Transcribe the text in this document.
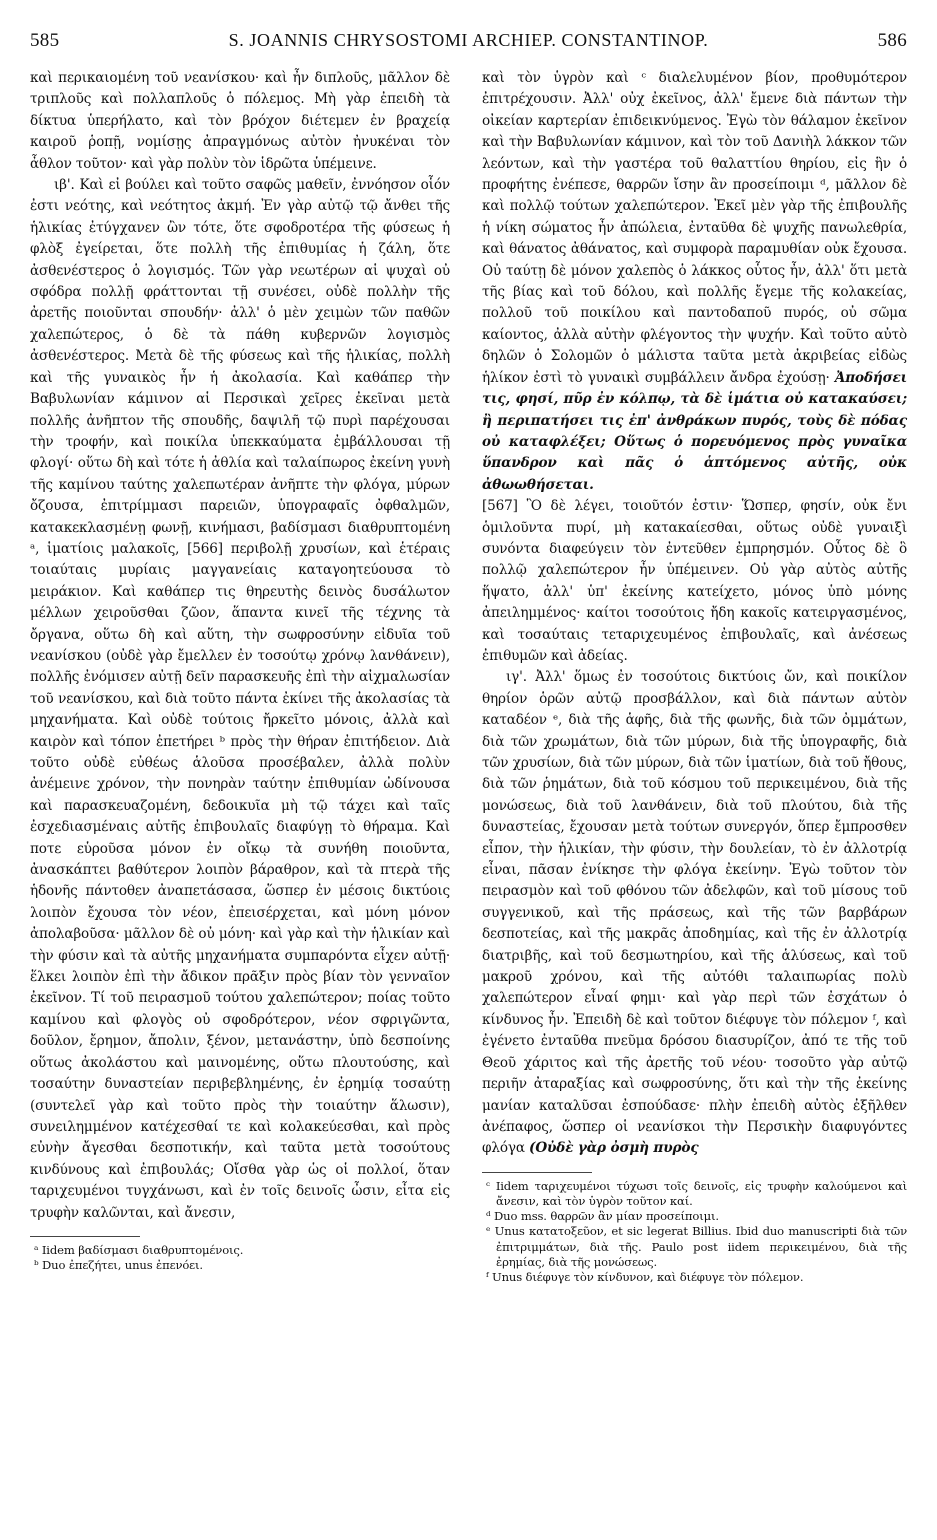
585	S. JOANNIS CHRYSOSTOMI ARCHIEP. CONSTANTINOP.	586

καὶ περικαιομένη τοῦ νεανίσκου· καὶ ἦν διπλοῦς, μᾶλλον δὲ τριπλοῦς καὶ πολλαπλοῦς ὁ πόλεμος. Μὴ γὰρ ἐπειδὴ τὰ δίκτυα ὑπερήλατο, καὶ τὸν βρόχον διέτεμεν ἐν βραχείᾳ καιροῦ ῥοπῇ, νομίσῃς ἀπραγμόνως αὐτὸν ἠνυκέναι τὸν ἆθλον τοῦτον· καὶ γὰρ πολὺν τὸν ἱδρῶτα ὑπέμεινε.

ιβ'. Καὶ εἰ βούλει καὶ τοῦτο σαφῶς μαθεῖν, ἐννόησον οἷόν ἐστι νεότης, καὶ νεότητος ἀκμή. Ἐν γὰρ αὐτῷ τῷ ἄνθει τῆς ἡλικίας ἐτύγχανεν ὢν τότε, ὅτε σφοδροτέρα τῆς φύσεως ἡ φλὸξ ἐγείρεται, ὅτε πολλὴ τῆς ἐπιθυμίας ἡ ζάλη, ὅτε ἀσθενέστερος ὁ λογισμός. Τῶν γὰρ νεωτέρων αἱ ψυχαὶ οὐ σφόδρα πολλῇ φράττονται τῇ συνέσει, οὐδὲ πολλὴν τῆς ἀρετῆς ποιοῦνται σπουδήν· ἀλλ' ὁ μὲν χειμὼν τῶν παθῶν χαλεπώτερος, ὁ δὲ τὰ πάθη κυβερνῶν λογισμὸς ἀσθενέστερος. Μετὰ δὲ τῆς φύσεως καὶ τῆς ἡλικίας, πολλὴ καὶ τῆς γυναικὸς ἦν ἡ ἀκολασία. Καὶ καθάπερ τὴν Βαβυλωνίαν κάμινον αἱ Περσικαὶ χεῖρες ἐκεῖναι μετὰ πολλῆς ἀνῆπτον τῆς σπουδῆς, δαψιλῆ τῷ πυρὶ παρέχουσαι τὴν τροφήν, καὶ ποικίλα ὑπεκκαύματα ἐμβάλλουσαι τῇ φλογί· οὕτω δὴ καὶ τότε ἡ ἀθλία καὶ ταλαίπωρος ἐκείνη γυνὴ τῆς καμίνου ταύτης χαλεπωτέραν ἀνῆπτε τὴν φλόγα, μύρων ὄζουσα, ἐπιτρίμμασι παρειῶν, ὑπογραφαῖς ὀφθαλμῶν, κατακεκλασμένῃ φωνῇ, κινήμασι, βαδίσμασι διαθρυπτομένη ᵃ, ἱματίοις μαλακοῖς, [566] περιβολῇ χρυσίων, καὶ ἑτέραις τοιαύταις μυρίαις μαγγανείαις καταγοητεύουσα τὸ μειράκιον. Καὶ καθάπερ τις θηρευτὴς δεινὸς δυσάλωτον μέλλων χειροῦσθαι ζῶον, ἅπαντα κινεῖ τῆς τέχνης τὰ ὄργανα, οὕτω δὴ καὶ αὕτη, τὴν σωφροσύνην εἰδυῖα τοῦ νεανίσκου (οὐδὲ γὰρ ἔμελλεν ἐν τοσούτῳ χρόνῳ λανθάνειν), πολλῆς ἐνόμισεν αὐτῇ δεῖν παρασκευῆς ἐπὶ τὴν αἰχμαλωσίαν τοῦ νεανίσκου, καὶ διὰ τοῦτο πάντα ἐκίνει τῆς ἀκολασίας τὰ μηχανήματα. Καὶ οὐδὲ τούτοις ἤρκεῖτο μόνοις, ἀλλὰ καὶ καιρὸν καὶ τόπον ἐπετήρει ᵇ πρὸς τὴν θήραν ἐπιτήδειον. Διὰ τοῦτο οὐδὲ εὐθέως ἁλοῦσα προσέβαλεν, ἀλλὰ πολὺν ἀνέμεινε χρόνον, τὴν πονηρὰν ταύτην ἐπιθυμίαν ὠδίνουσα καὶ παρασκευαζομένη, δεδοικυῖα μὴ τῷ τάχει καὶ ταῖς ἐσχεδιασμέναις αὐτῆς ἐπιβουλαῖς διαφύγῃ τὸ θήραμα. Καὶ ποτε εὑροῦσα μόνον ἐν οἴκῳ τὰ συνήθη ποιοῦντα, ἀνασκάπτει βαθύτερον λοιπὸν βάραθρον, καὶ τὰ πτερὰ τῆς ἡδονῆς πάντοθεν ἀναπετάσασα, ὥσπερ ἐν μέσοις δικτύοις λοιπὸν ἔχουσα τὸν νέον, ἐπεισέρχεται, καὶ μόνη μόνον ἀπολαβοῦσα· μᾶλλον δὲ οὐ μόνη· καὶ γὰρ καὶ τὴν ἡλικίαν καὶ τὴν φύσιν καὶ τὰ αὐτῆς μηχανήματα συμπαρόντα εἶχεν αὐτῇ· ἕλκει λοιπὸν ἐπὶ τὴν ἄδικον πρᾶξιν πρὸς βίαν τὸν γενναῖον ἐκεῖνον. Τί τοῦ πειρασμοῦ τούτου χαλεπώτερον; ποίας τοῦτο καμίνου καὶ φλογὸς οὐ σφοδρότερον, νέον σφριγῶντα, δοῦλον, ἔρημον, ἄπολιν, ξένον, μετανάστην, ὑπὸ δεσποίνης οὕτως ἀκολάστου καὶ μαινομένης, οὕτω πλουτούσης, καὶ τοσαύτην δυναστείαν περιβεβλημένης, ἐν ἐρημίᾳ τοσαύτῃ (συντελεῖ γὰρ καὶ τοῦτο πρὸς τὴν τοιαύτην ἅλωσιν), συνειλημμένον κατέχεσθαί τε καὶ κολακεύεσθαι, καὶ πρὸς εὐνὴν ἄγεσθαι δεσποτικήν, καὶ ταῦτα μετὰ τοσούτους κινδύνους καὶ ἐπιβουλάς; Οἴσθα γὰρ ὡς οἱ πολλοί, ὅταν ταριχευμένοι τυγχάνωσι, καὶ ἐν τοῖς δεινοῖς ὦσιν, εἶτα εἰς τρυφὴν καλῶνται, καὶ ἄνεσιν,

ᵃ Iidem βαδίσμασι διαθρυπτομένοις.
ᵇ Duo ἐπεζήτει, unus ἐπενόει.

καὶ τὸν ὑγρὸν καὶ ᶜ διαλελυμένον βίον, προθυμότερον ἐπιτρέχουσιν. Ἀλλ' οὐχ ἐκεῖνος, ἀλλ' ἔμενε διὰ πάντων τὴν οἰκείαν καρτερίαν ἐπιδεικνύμενος. Ἐγὼ τὸν θάλαμον ἐκεῖνον καὶ τὴν Βαβυλωνίαν κάμινον, καὶ τὸν τοῦ Δανιὴλ λάκκον τῶν λεόντων, καὶ τὴν γαστέρα τοῦ θαλαττίου θηρίου, εἰς ἣν ὁ προφήτης ἐνέπεσε, θαρρῶν ἴσην ἂν προσείποιμι ᵈ, μᾶλλον δὲ καὶ πολλῷ τούτων χαλεπώτερον. Ἐκεῖ μὲν γὰρ τῆς ἐπιβουλῆς ἡ νίκη σώματος ἦν ἀπώλεια, ἐνταῦθα δὲ ψυχῆς πανωλεθρία, καὶ θάνατος ἀθάνατος, καὶ συμφορὰ παραμυθίαν οὐκ ἔχουσα. Οὐ ταύτῃ δὲ μόνον χαλεπὸς ὁ λάκκος οὗτος ἦν, ἀλλ' ὅτι μετὰ τῆς βίας καὶ τοῦ δόλου, καὶ πολλῆς ἔγεμε τῆς κολακείας, πολλοῦ τοῦ ποικίλου καὶ παντοδαποῦ πυρός, οὐ σῶμα καίοντος, ἀλλὰ αὐτὴν φλέγοντος τὴν ψυχήν. Καὶ τοῦτο αὐτὸ δηλῶν ὁ Σολομῶν ὁ μάλιστα ταῦτα μετὰ ἀκριβείας εἰδὼς ἡλίκον ἐστὶ τὸ γυναικὶ συμβάλλειν ἄνδρα ἐχούσῃ· Ἀποδήσει τις, φησί, πῦρ ἐν κόλπῳ, τὰ δὲ ἱμάτια οὐ κατακαύσει; ἢ περιπατήσει τις ἐπ' ἀνθράκων πυρός, τοὺς δὲ πόδας οὐ καταφλέξει; Οὕτως ὁ πορευόμενος πρὸς γυναῖκα ὕπανδρον καὶ πᾶς ὁ ἁπτόμενος αὐτῆς, οὐκ ἀθωωθήσεται.

[567] Ὃ δὲ λέγει, τοιοῦτόν ἐστιν· Ὥσπερ, φησίν, οὐκ ἔνι ὁμιλοῦντα πυρί, μὴ κατακαίεσθαι, οὕτως οὐδὲ γυναιξὶ συνόντα διαφεύγειν τὸν ἐντεῦθεν ἐμπρησμόν. Οὗτος δὲ ὃ πολλῷ χαλεπώτερον ἦν ὑπέμεινεν. Οὐ γὰρ αὐτὸς αὐτῆς ἥψατο, ἀλλ' ὑπ' ἐκείνης κατείχετο, μόνος ὑπὸ μόνης ἀπειλημμένος· καίτοι τοσούτοις ἤδη κακοῖς κατειργασμένος, καὶ τοσαύταις τεταριχευμένος ἐπιβουλαῖς, καὶ ἀνέσεως ἐπιθυμῶν καὶ ἀδείας.

ιγ'. Ἀλλ' ὅμως ἐν τοσούτοις δικτύοις ὤν, καὶ ποικίλον θηρίον ὁρῶν αὐτῷ προσβάλλον, καὶ διὰ πάντων αὐτὸν καταδέον ᵉ, διὰ τῆς ἁφῆς, διὰ τῆς φωνῆς, διὰ τῶν ὀμμάτων, διὰ τῶν χρωμάτων, διὰ τῶν μύρων, διὰ τῆς ὑπογραφῆς, διὰ τῶν χρυσίων, διὰ τῶν μύρων, διὰ τῶν ἱματίων, διὰ τοῦ ἤθους, διὰ τῶν ῥημάτων, διὰ τοῦ κόσμου τοῦ περικειμένου, διὰ τῆς μονώσεως, διὰ τοῦ λανθάνειν, διὰ τοῦ πλούτου, διὰ τῆς δυναστείας, ἔχουσαν μετὰ τούτων συνεργόν, ὅπερ ἔμπροσθεν εἶπον, τὴν ἡλικίαν, τὴν φύσιν, τὴν δουλείαν, τὸ ἐν ἀλλοτρίᾳ εἶναι, πᾶσαν ἐνίκησε τὴν φλόγα ἐκείνην. Ἐγὼ τοῦτον τὸν πειρασμὸν καὶ τοῦ φθόνου τῶν ἀδελφῶν, καὶ τοῦ μίσους τοῦ συγγενικοῦ, καὶ τῆς πράσεως, καὶ τῆς τῶν βαρβάρων δεσποτείας, καὶ τῆς μακρᾶς ἀποδημίας, καὶ τῆς ἐν ἀλλοτρίᾳ διατριβῆς, καὶ τοῦ δεσμωτηρίου, καὶ τῆς ἁλύσεως, καὶ τοῦ μακροῦ χρόνου, καὶ τῆς αὐτόθι ταλαιπωρίας πολὺ χαλεπώτερον εἶναί φημι· καὶ γὰρ περὶ τῶν ἐσχάτων ὁ κίνδυνος ἦν. Ἐπειδὴ δὲ καὶ τοῦτον διέφυγε τὸν πόλεμον ᶠ, καὶ ἐγένετο ἐνταῦθα πνεῦμα δρόσου διασυρίζον, ἀπό τε τῆς τοῦ Θεοῦ χάριτος καὶ τῆς ἀρετῆς τοῦ νέου· τοσοῦτο γὰρ αὐτῷ περιῆν ἀταραξίας καὶ σωφροσύνης, ὅτι καὶ τὴν τῆς ἐκείνης μανίαν καταλῦσαι ἐσπούδασε· πλὴν ἐπειδὴ αὐτὸς ἐξῆλθεν ἀνέπαφος, ὥσπερ οἱ νεανίσκοι τὴν Περσικὴν διαφυγόντες φλόγα (Οὐδὲ γὰρ ὀσμὴ πυρὸς

ᶜ Iidem ταριχευμένοι τύχωσι τοῖς δεινοῖς, εἰς τρυφὴν καλούμενοι καὶ ἄνεσιν, καὶ τὸν ὑγρὸν τοῦτον καί.
ᵈ Duo mss. θαρρῶν ἂν μίαν προσείποιμι.
ᵉ Unus κατατοξεῦον, et sic legerat Billius. Ibid duo manuscripti διὰ τῶν ἐπιτριμμάτων, διὰ τῆς. Paulo post iidem περικειμένου, διὰ τῆς ἐρημίας, διὰ τῆς μονώσεως.
ᶠ Unus διέφυγε τὸν κίνδυνον, καὶ διέφυγε τὸν πόλεμον.
